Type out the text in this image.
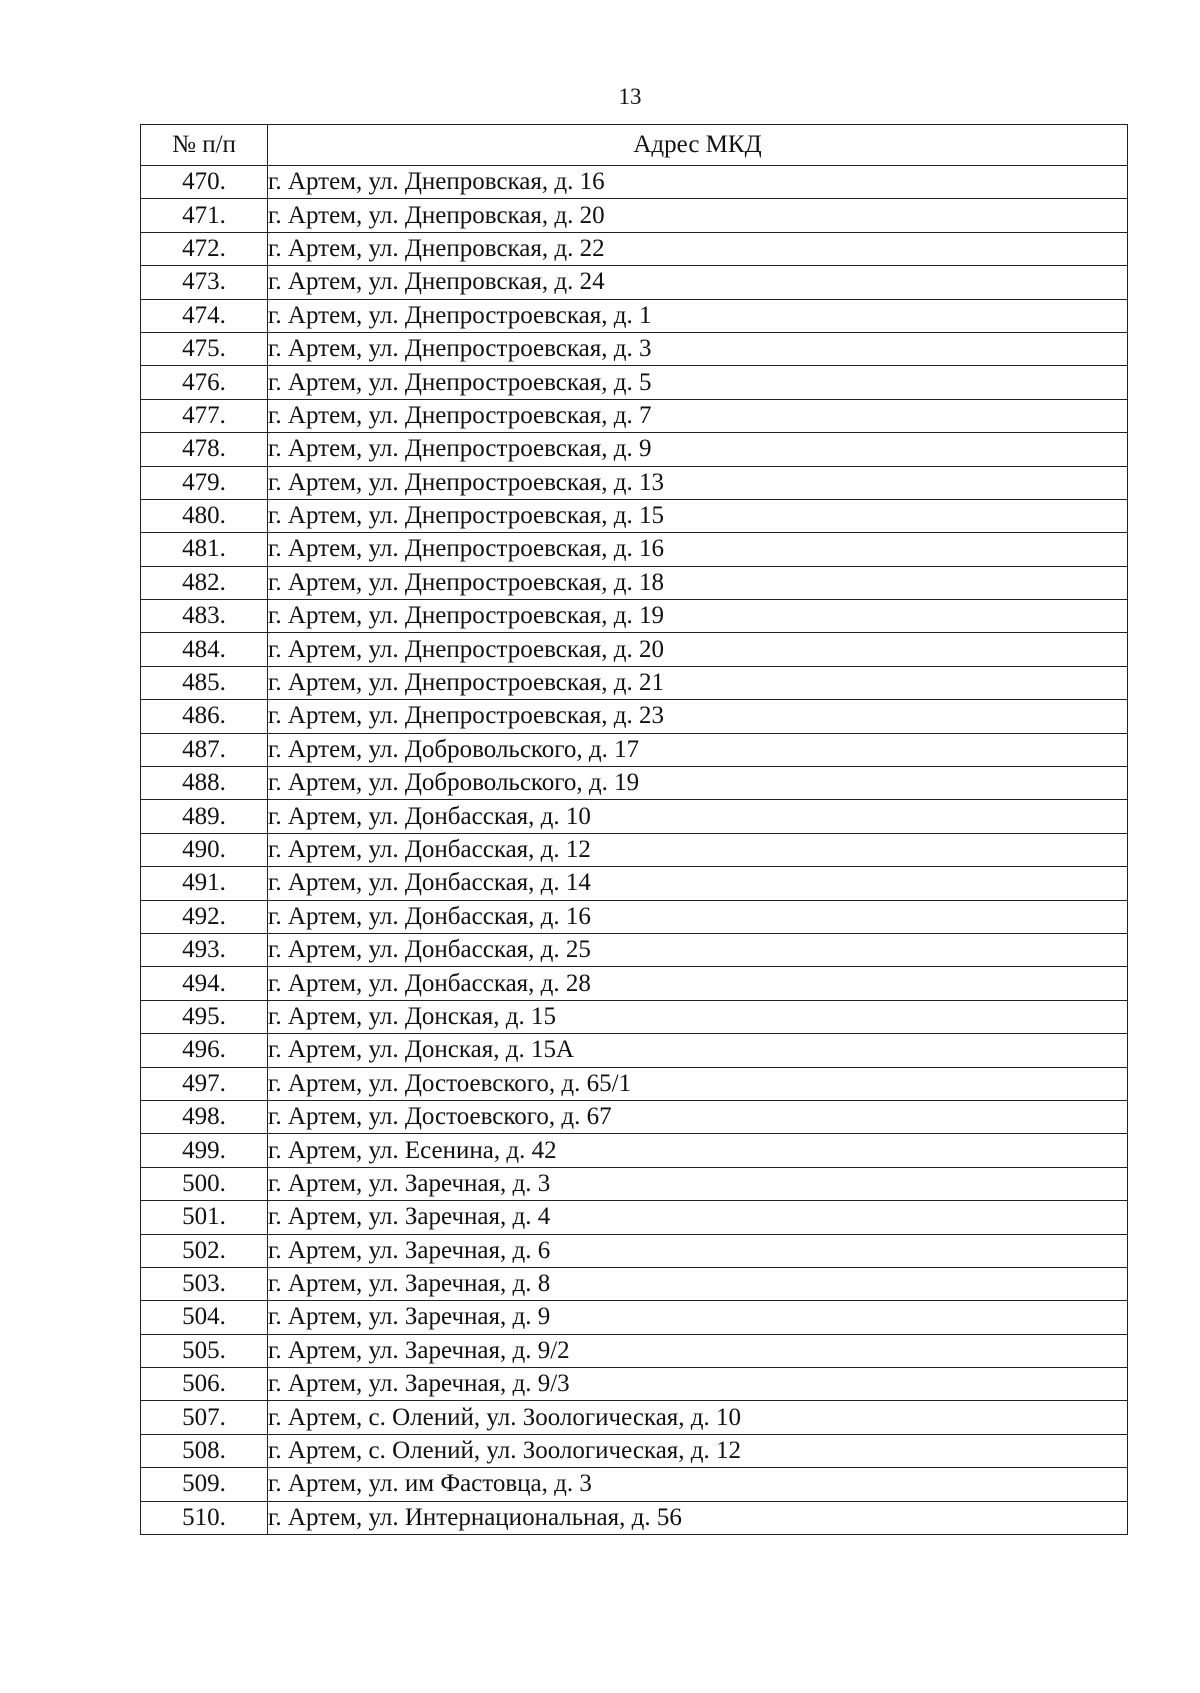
13
№ п/п	Адрес МКД
470.	г. Артем, ул. Днепровская, д. 16
471.	г. Артем, ул. Днепровская, д. 20
472.	г. Артем, ул. Днепровская, д. 22
473.	г. Артем, ул. Днепровская, д. 24
474.	г. Артем, ул. Днепростроевская, д. 1
475.	г. Артем, ул. Днепростроевская, д. 3
476.	г. Артем, ул. Днепростроевская, д. 5
477.	г. Артем, ул. Днепростроевская, д. 7
478.	г. Артем, ул. Днепростроевская, д. 9
479.	г. Артем, ул. Днепростроевская, д. 13
480.	г. Артем, ул. Днепростроевская, д. 15
481.	г. Артем, ул. Днепростроевская, д. 16
482.	г. Артем, ул. Днепростроевская, д. 18
483.	г. Артем, ул. Днепростроевская, д. 19
484.	г. Артем, ул. Днепростроевская, д. 20
485.	г. Артем, ул. Днепростроевская, д. 21
486.	г. Артем, ул. Днепростроевская, д. 23
487.	г. Артем, ул. Добровольского, д. 17
488.	г. Артем, ул. Добровольского, д. 19
489.	г. Артем, ул. Донбасская, д. 10
490.	г. Артем, ул. Донбасская, д. 12
491.	г. Артем, ул. Донбасская, д. 14
492.	г. Артем, ул. Донбасская, д. 16
493.	г. Артем, ул. Донбасская, д. 25
494.	г. Артем, ул. Донбасская, д. 28
495.	г. Артем, ул. Донская, д. 15
496.	г. Артем, ул. Донская, д. 15А
497.	г. Артем, ул. Достоевского, д. 65/1
498.	г. Артем, ул. Достоевского, д. 67
499.	г. Артем, ул. Есенина, д. 42
500.	г. Артем, ул. Заречная, д. 3
501.	г. Артем, ул. Заречная, д. 4
502.	г. Артем, ул. Заречная, д. 6
503.	г. Артем, ул. Заречная, д. 8
504.	г. Артем, ул. Заречная, д. 9
505.	г. Артем, ул. Заречная, д. 9/2
506.	г. Артем, ул. Заречная, д. 9/3
507.	г. Артем, с. Олений, ул. Зоологическая, д. 10
508.	г. Артем, с. Олений, ул. Зоологическая, д. 12
509.	г. Артем, ул. им Фастовца, д. 3
510.	г. Артем, ул. Интернациональная, д. 56
